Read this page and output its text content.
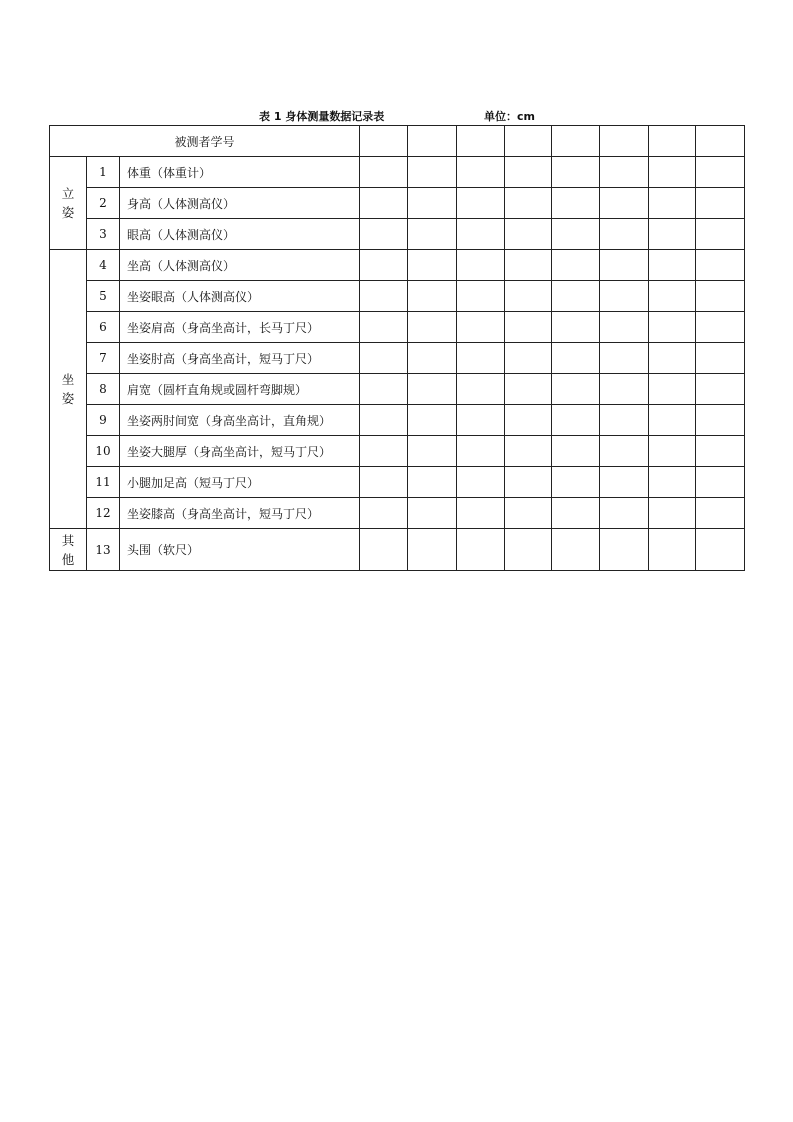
表 1 身体测量数据记录表	单位：cm
被测者学号										
立
姿	1	体重（体重计）								
	2	身高（人体测高仪）								
	3	眼高（人体测高仪）								
坐
姿	4	坐高（人体测高仪）								
	5	坐姿眼高（人体测高仪）								
	6	坐姿肩高（身高坐高计，长马丁尺）								
	7	坐姿肘高（身高坐高计，短马丁尺）								
	8	肩宽（圆杆直角规或圆杆弯脚规）								
	9	坐姿两肘间宽（身高坐高计，直角规）								
	10	坐姿大腿厚（身高坐高计，短马丁尺）								
	11	小腿加足高（短马丁尺）								
	12	坐姿膝高（身高坐高计，短马丁尺）								
其
他	13	头围（软尺）								
